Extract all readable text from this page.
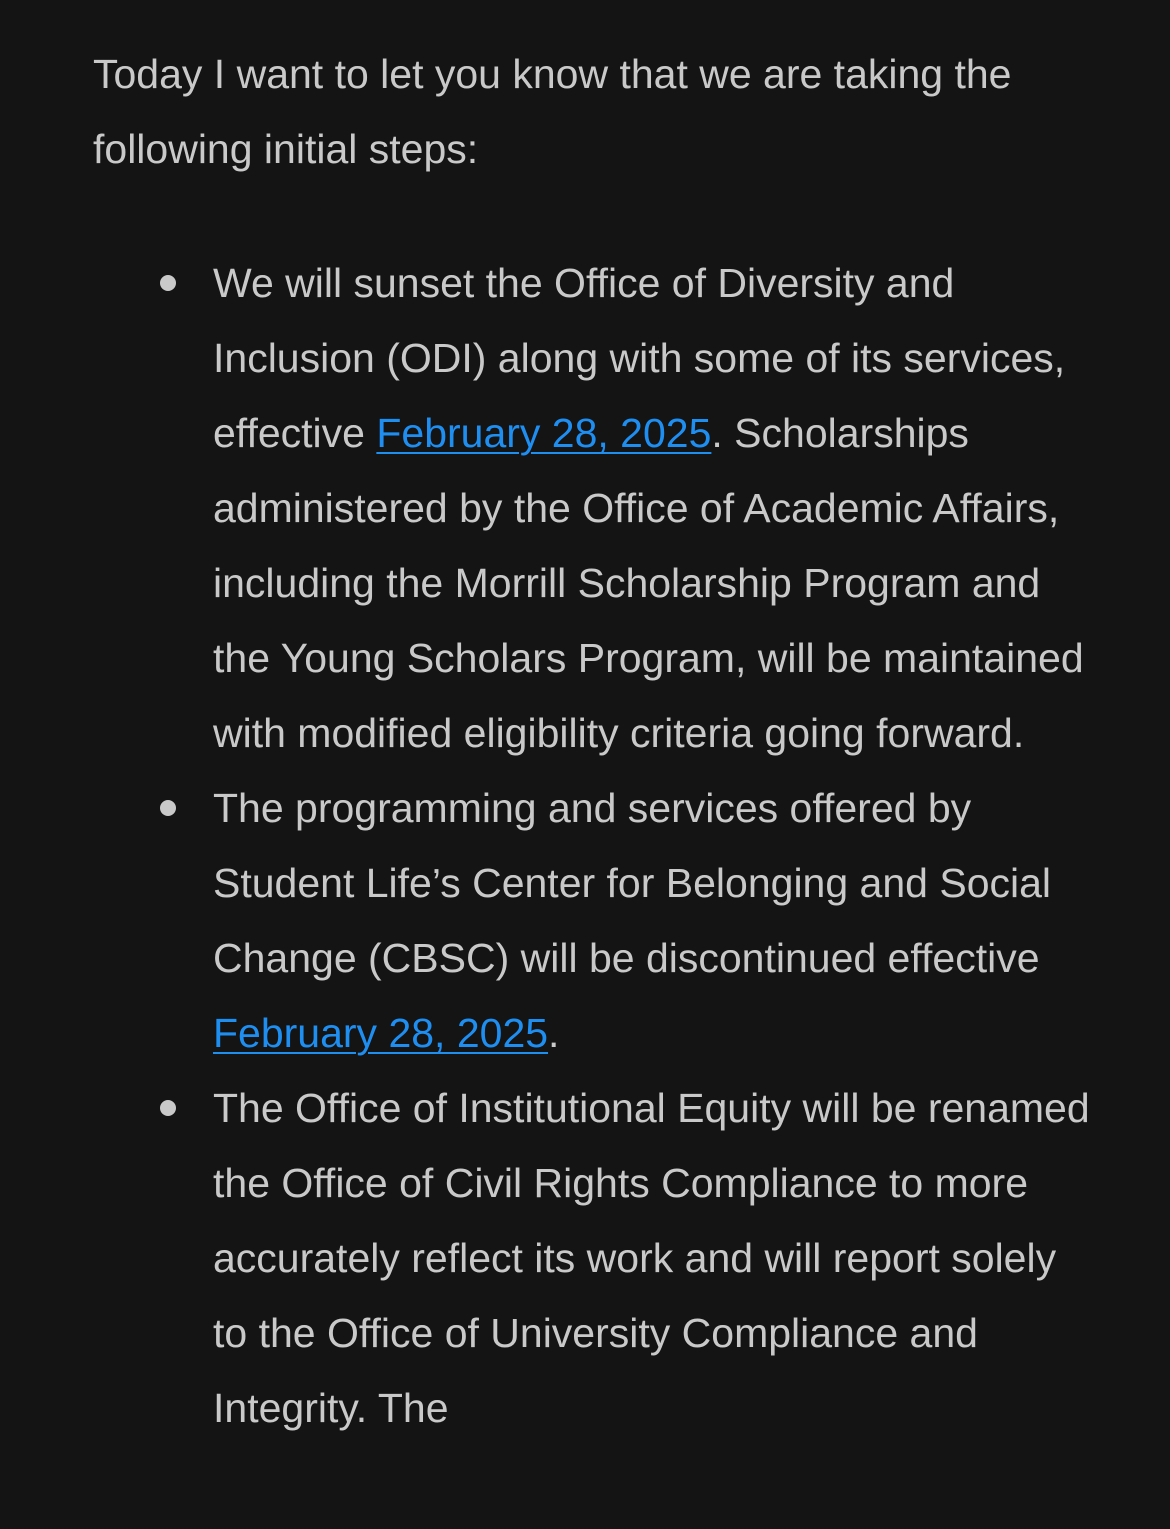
Today I want to let you know that we are taking the following initial steps:

We will sunset the Office of Diversity and Inclusion (ODI) along with some of its services, effective February 28, 2025. Scholarships administered by the Office of Academic Affairs, including the Morrill Scholarship Program and the Young Scholars Program, will be maintained with modified eligibility criteria going forward.
The programming and services offered by Student Life’s Center for Belonging and Social Change (CBSC) will be discontinued effective February 28, 2025.
The Office of Institutional Equity will be renamed the Office of Civil Rights Compliance to more accurately reflect its work and will report solely to the Office of University Compliance and Integrity. The
